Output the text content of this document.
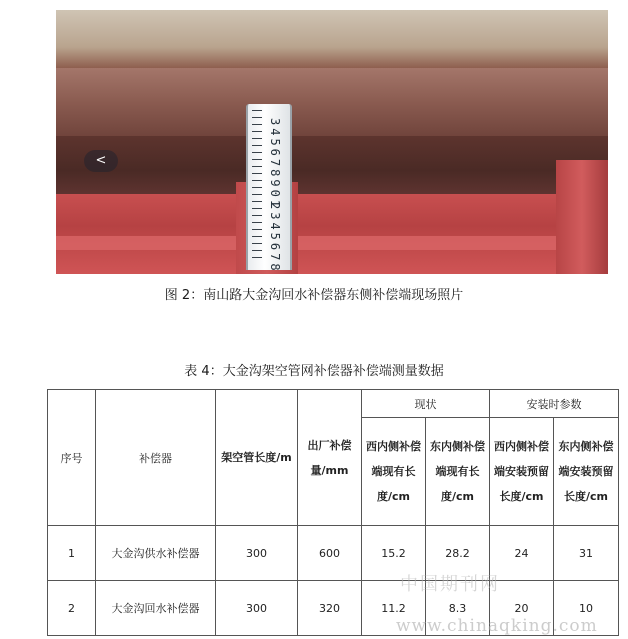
<	345678901
2345678
图 2：南山路大金沟回水补偿器东侧补偿端现场照片
表 4：大金沟架空管网补偿器补偿端测量数据
序号	补偿器	架空管长度/m	出厂补偿量/mm	现状		安装时参数	

				西内侧补偿端现有长度/cm	东内侧补偿端现有长度/cm	西内侧补偿端安装预留长度/cm	东内侧补偿端安装预留长度/cm

1	大金沟供水补偿器	300	600	15.2	28.2	24	31
2	大金沟回水补偿器	300	320	11.2	8.3	20	10
中国期刊网
www.chinaqking.com
